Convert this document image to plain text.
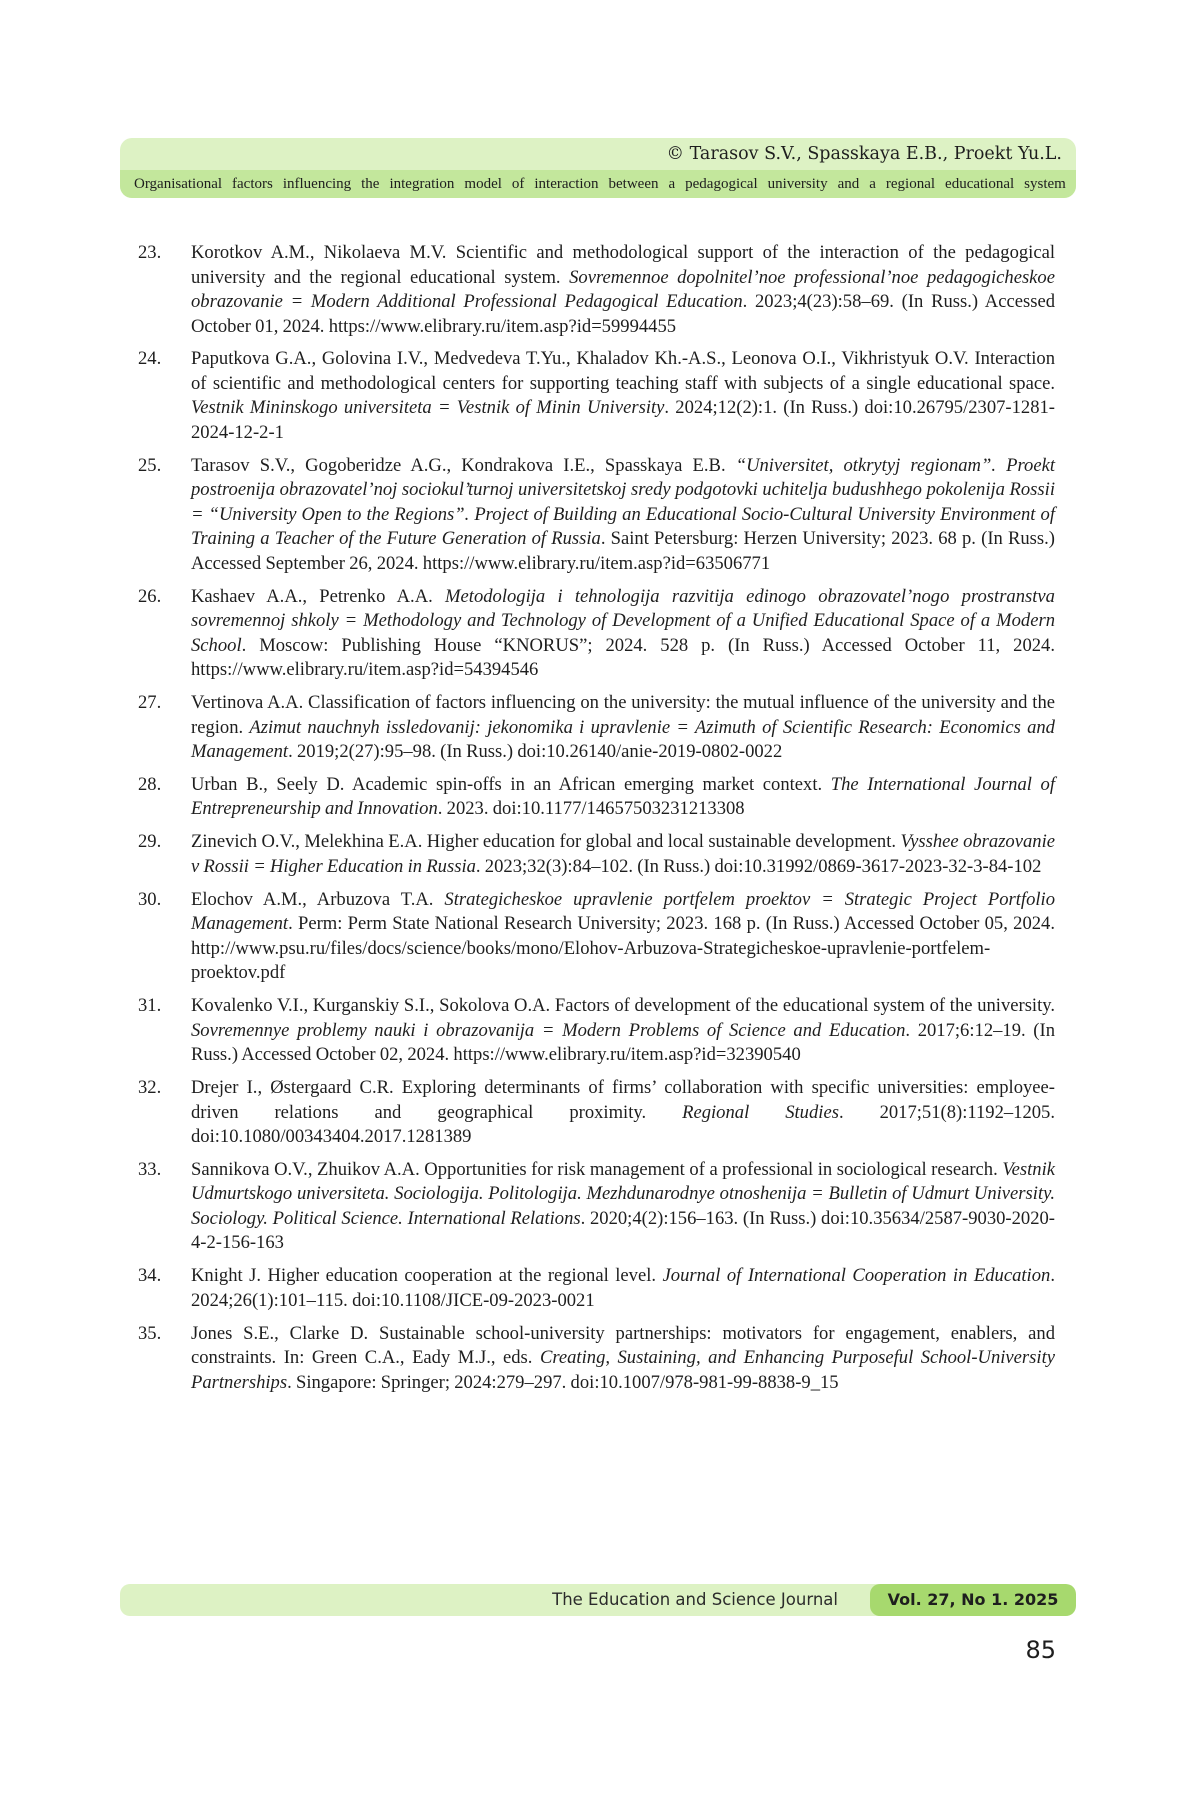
© Tarasov S.V., Spasskaya E.B., Proekt Yu.L.
Organisational factors influencing the integration model of interaction between a pedagogical university and a regional educational system
23. Korotkov A.M., Nikolaeva M.V. Scientific and methodological support of the interaction of the pedagogical university and the regional educational system. Sovremennoe dopolnitel’noe professional’noe pedagogicheskoe obrazovanie = Modern Additional Professional Pedagogical Education. 2023;4(23):58–69. (In Russ.) Accessed October 01, 2024. https://www.elibrary.ru/item.asp?id=59994455
24. Paputkova G.A., Golovina I.V., Medvedeva T.Yu., Khaladov Kh.-A.S., Leonova O.I., Vikhristyuk O.V. Interaction of scientific and methodological centers for supporting teaching staff with subjects of a single educational space. Vestnik Mininskogo universiteta = Vestnik of Minin University. 2024;12(2):1. (In Russ.) doi:10.26795/2307-1281-2024-12-2-1
25. Tarasov S.V., Gogoberidze A.G., Kondrakova I.E., Spasskaya E.B. “Universitet, otkrytyj regionam”. Proekt postroenija obrazovatel’noj sociokul’turnoj universitetskoj sredy podgotovki uchitelja budushhego pokolenija Rossii = “University Open to the Regions”. Project of Building an Educational Socio-Cultural University Environment of Training a Teacher of the Future Generation of Russia. Saint Petersburg: Herzen University; 2023. 68 p. (In Russ.) Accessed September 26, 2024. https://www.elibrary.ru/item.asp?id=63506771
26. Kashaev A.A., Petrenko A.A. Metodologija i tehnologija razvitija edinogo obrazovatel’nogo prostranstva sovremennoj shkoly = Methodology and Technology of Development of a Unified Educational Space of a Modern School. Moscow: Publishing House “KNORUS”; 2024. 528 p. (In Russ.) Accessed October 11, 2024. https://www.elibrary.ru/item.asp?id=54394546
27. Vertinova A.A. Classification of factors influencing on the university: the mutual influence of the university and the region. Azimut nauchnyh issledovanij: jekonomika i upravlenie = Azimuth of Scientific Research: Economics and Management. 2019;2(27):95–98. (In Russ.) doi:10.26140/anie-2019-0802-0022
28. Urban B., Seely D. Academic spin-offs in an African emerging market context. The International Journal of Entrepreneurship and Innovation. 2023. doi:10.1177/14657503231213308
29. Zinevich O.V., Melekhina E.A. Higher education for global and local sustainable development. Vysshee obrazovanie v Rossii = Higher Education in Russia. 2023;32(3):84–102. (In Russ.) doi:10.31992/0869-3617-2023-32-3-84-102
30. Elochov A.M., Arbuzova T.A. Strategicheskoe upravlenie portfelem proektov = Strategic Project Portfolio Management. Perm: Perm State National Research University; 2023. 168 p. (In Russ.) Accessed October 05, 2024. http://www.psu.ru/files/docs/science/books/mono/Elohov-Arbuzova-Strategicheskoe-upravlenie-portfelem-proektov.pdf
31. Kovalenko V.I., Kurganskiy S.I., Sokolova O.A. Factors of development of the educational system of the university. Sovremennye problemy nauki i obrazovanija = Modern Problems of Science and Education. 2017;6:12–19. (In Russ.) Accessed October 02, 2024. https://www.elibrary.ru/item.asp?id=32390540
32. Drejer I., Østergaard C.R. Exploring determinants of firms’ collaboration with specific universities: employee-driven relations and geographical proximity. Regional Studies. 2017;51(8):1192–1205. doi:10.1080/00343404.2017.1281389
33. Sannikova O.V., Zhuikov A.A. Opportunities for risk management of a professional in sociological research. Vestnik Udmurtskogo universiteta. Sociologija. Politologija. Mezhdunarodnye otnoshenija = Bulletin of Udmurt University. Sociology. Political Science. International Relations. 2020;4(2):156–163. (In Russ.) doi:10.35634/2587-9030-2020-4-2-156-163
34. Knight J. Higher education cooperation at the regional level. Journal of International Cooperation in Education. 2024;26(1):101–115. doi:10.1108/JICE-09-2023-0021
35. Jones S.E., Clarke D. Sustainable school-university partnerships: motivators for engagement, enablers, and constraints. In: Green C.A., Eady M.J., eds. Creating, Sustaining, and Enhancing Purposeful School-University Partnerships. Singapore: Springer; 2024:279–297. doi:10.1007/978-981-99-8838-9_15
The Education and Science Journal	Vol. 27, No 1. 2025
85
